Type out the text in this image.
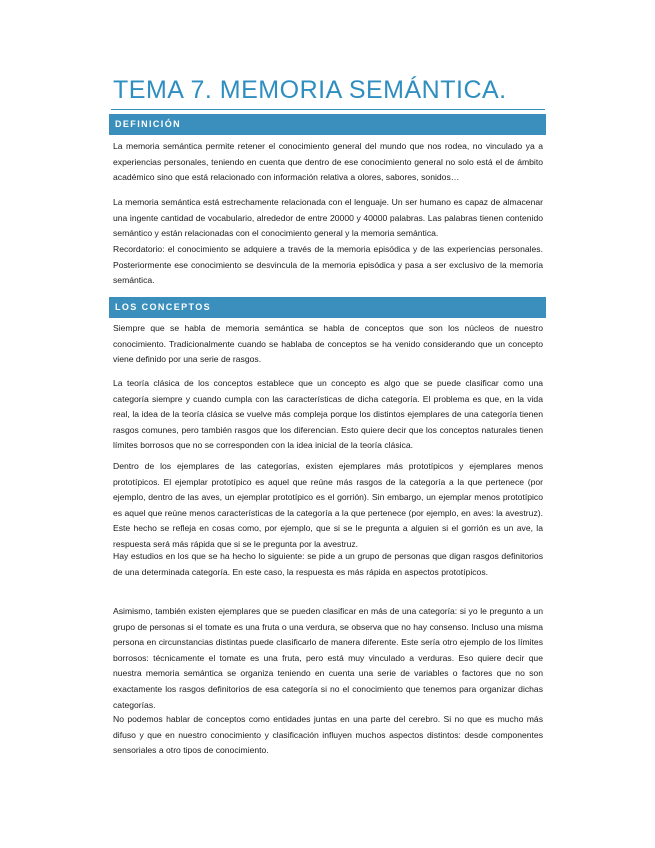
TEMA 7. MEMORIA SEMÁNTICA.
DEFINICIÓN

La memoria semántica permite retener el conocimiento general del mundo que nos rodea, no vinculado ya a experiencias personales, teniendo en cuenta que dentro de ese conocimiento general no solo está el de ámbito académico sino que está relacionado con información relativa a olores, sabores, sonidos…

La memoria semántica está estrechamente relacionada con el lenguaje. Un ser humano es capaz de almacenar una ingente cantidad de vocabulario, alrededor de entre 20000 y 40000 palabras. Las palabras tienen contenido semántico y están relacionadas con el conocimiento general y la memoria semántica.

Recordatorio: el conocimiento se adquiere a través de la memoria episódica y de las experiencias personales. Posteriormente ese conocimiento se desvincula de la memoria episódica y pasa a ser exclusivo de la memoria semántica.

LOS CONCEPTOS

Siempre que se habla de memoria semántica se habla de conceptos que son los núcleos de nuestro conocimiento. Tradicionalmente cuando se hablaba de conceptos se ha venido considerando que un concepto viene definido por una serie de rasgos.

La teoría clásica de los conceptos establece que un concepto es algo que se puede clasificar como una categoría siempre y cuando cumpla con las características de dicha categoría. El problema es que, en la vida real, la idea de la teoría clásica se vuelve más compleja porque los distintos ejemplares de una categoría tienen rasgos comunes, pero también rasgos que los diferencian. Esto quiere decir que los conceptos naturales tienen límites borrosos que no se corresponden con la idea inicial de la teoría clásica.

Dentro de los ejemplares de las categorías, existen ejemplares más prototípicos y ejemplares menos prototípicos. El ejemplar prototípico es aquel que reúne más rasgos de la categoría a la que pertenece (por ejemplo, dentro de las aves, un ejemplar prototípico es el gorrión). Sin embargo, un ejemplar menos prototípico es aquel que reúne menos características de la categoría a la que pertenece (por ejemplo, en aves: la avestruz). Este hecho se refleja en cosas como, por ejemplo, que si se le pregunta a alguien si el gorrión es un ave, la respuesta será más rápida que si se le pregunta por la avestruz.

Hay estudios en los que se ha hecho lo siguiente: se pide a un grupo de personas que digan rasgos definitorios de una determinada categoría. En este caso, la respuesta es más rápida en aspectos prototípicos.

Asimismo, también existen ejemplares que se pueden clasificar en más de una categoría: si yo le pregunto a un grupo de personas si el tomate es una fruta o una verdura, se observa que no hay consenso. Incluso una misma persona en circunstancias distintas puede clasificarlo de manera diferente. Este sería otro ejemplo de los límites borrosos: técnicamente el tomate es una fruta, pero está muy vinculado a verduras. Eso quiere decir que nuestra memoria semántica se organiza teniendo en cuenta una serie de variables o factores que no son exactamente los rasgos definitorios de esa categoría si no el conocimiento que tenemos para organizar dichas categorías.

No podemos hablar de conceptos como entidades juntas en una parte del cerebro. Si no que es mucho más difuso y que en nuestro conocimiento y clasificación influyen muchos aspectos distintos: desde componentes sensoriales a otro tipos de conocimiento.
